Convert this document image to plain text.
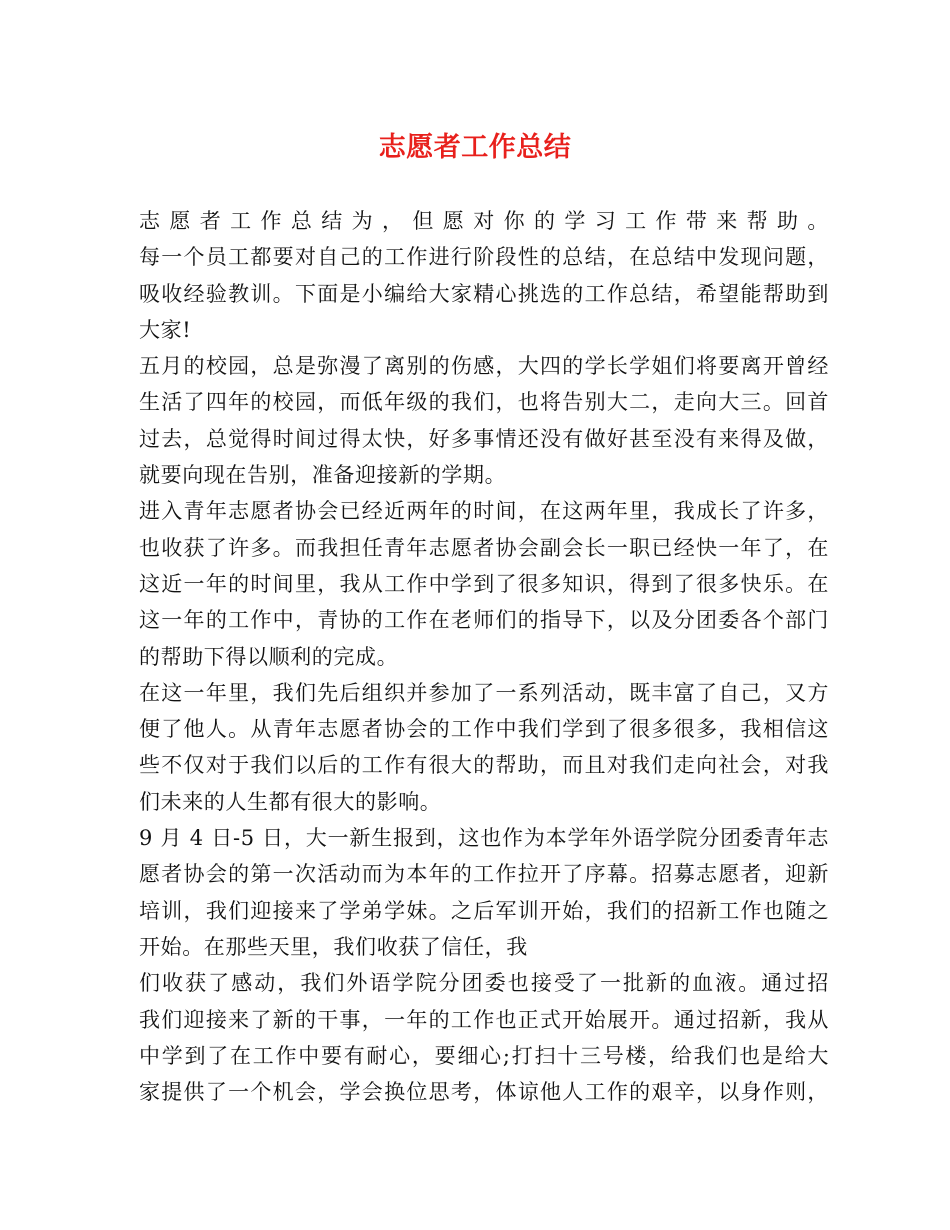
志愿者工作总结
志愿者工作总结为，但愿对你的学习工作带来帮助。
每一个员工都要对自己的工作进行阶段性的总结，在总结中发现问题，
吸收经验教训。下面是小编给大家精心挑选的工作总结，希望能帮助到
大家!
五月的校园，总是弥漫了离别的伤感，大四的学长学姐们将要离开曾经
生活了四年的校园，而低年级的我们，也将告别大二，走向大三。回首
过去，总觉得时间过得太快，好多事情还没有做好甚至没有来得及做，
就要向现在告别，准备迎接新的学期。
进入青年志愿者协会已经近两年的时间，在这两年里，我成长了许多，
也收获了许多。而我担任青年志愿者协会副会长一职已经快一年了，在
这近一年的时间里，我从工作中学到了很多知识，得到了很多快乐。在
这一年的工作中，青协的工作在老师们的指导下，以及分团委各个部门
的帮助下得以顺利的完成。
在这一年里，我们先后组织并参加了一系列活动，既丰富了自己，又方
便了他人。从青年志愿者协会的工作中我们学到了很多很多，我相信这
些不仅对于我们以后的工作有很大的帮助，而且对我们走向社会，对我
们未来的人生都有很大的影响。
9 月 4 日-5 日，大一新生报到，这也作为本学年外语学院分团委青年志
愿者协会的第一次活动而为本年的工作拉开了序幕。招募志愿者，迎新
培训，我们迎接来了学弟学妹。之后军训开始，我们的招新工作也随之
开始。在那些天里，我们收获了信任，我
们收获了感动，我们外语学院分团委也接受了一批新的血液。通过招
我们迎接来了新的干事，一年的工作也正式开始展开。通过招新，我从
中学到了在工作中要有耐心，要细心;打扫十三号楼，给我们也是给大
家提供了一个机会，学会换位思考，体谅他人工作的艰辛，以身作则，
